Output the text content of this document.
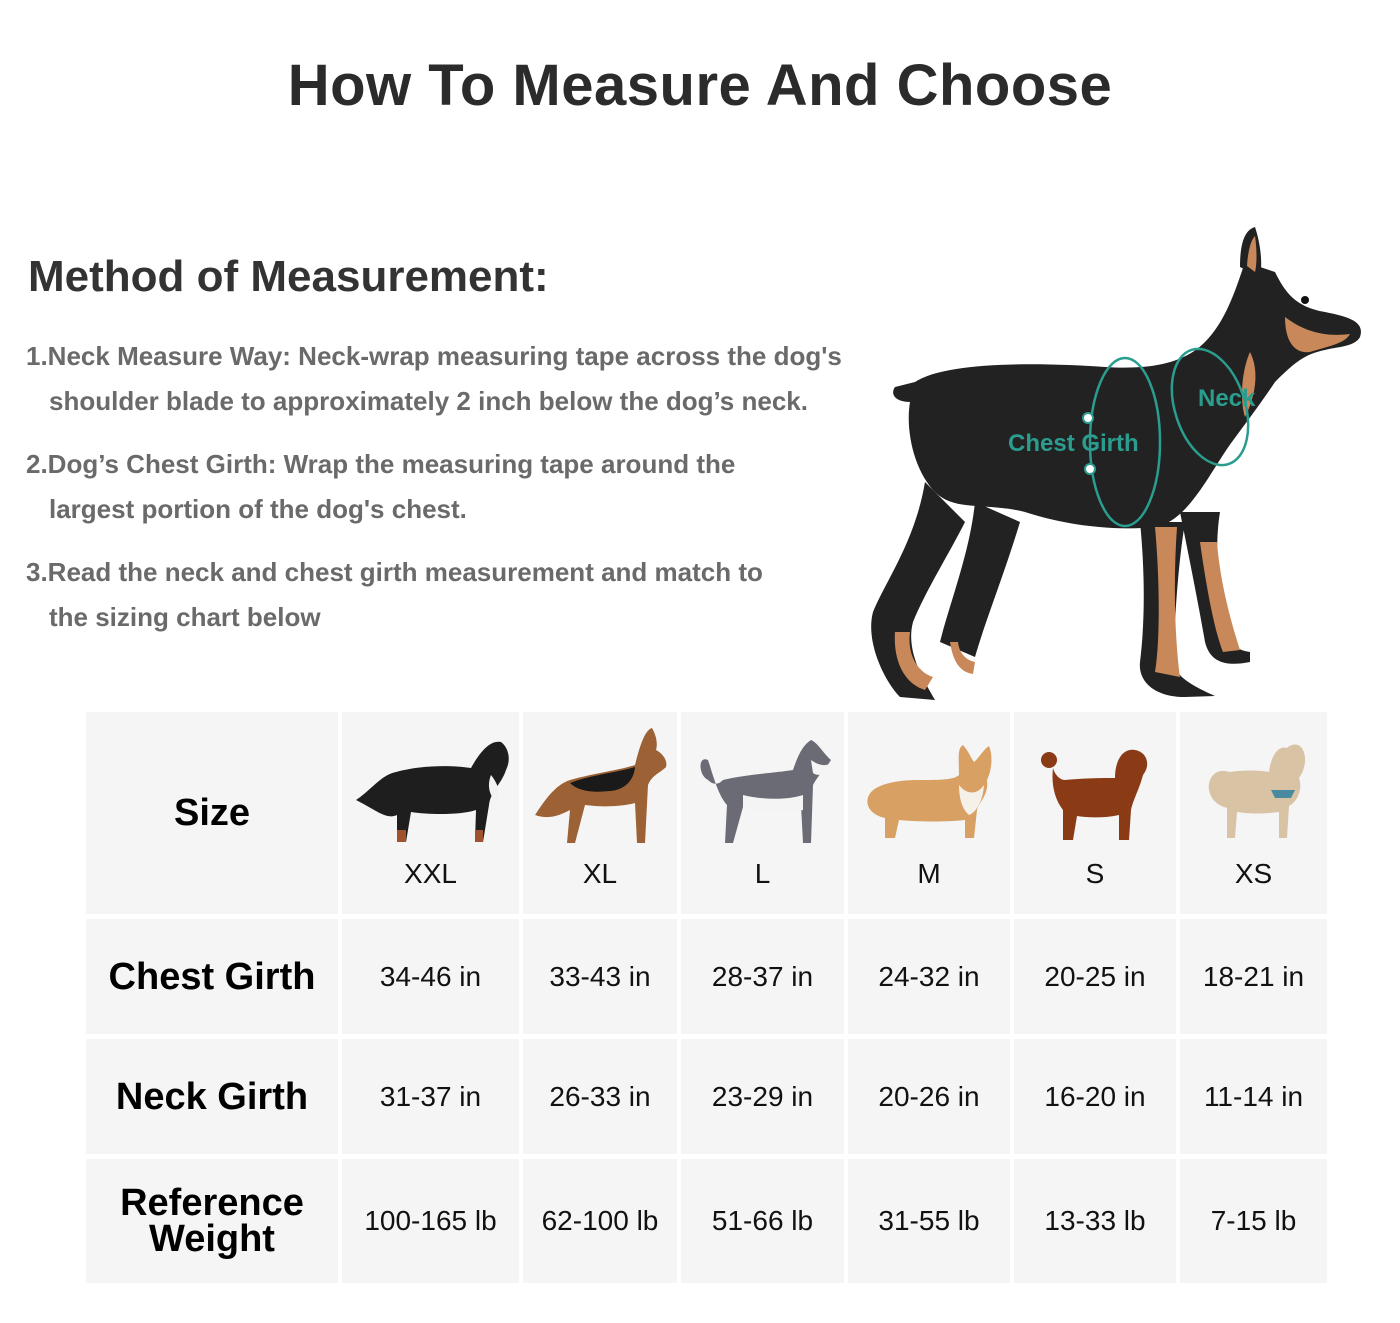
How To Measure And Choose
Method of Measurement:
1.Neck Measure Way: Neck-wrap measuring tape across the dog's
shoulder blade to approximately 2 inch below the dog’s neck.
2.Dog’s Chest Girth: Wrap the measuring tape around the
largest portion of the dog's chest.
3.Read the neck and chest girth measurement and match to
the sizing chart below
Neck
Chest Girth
Size
XXL	XL	L	M	S	XS
Chest Girth	34-46 in	33-43 in	28-37 in	24-32 in	20-25 in	18-21 in
Neck Girth	31-37 in	26-33 in	23-29 in	20-26 in	16-20 in	11-14 in
Reference
Weight	100-165 lb	62-100 lb	51-66 lb	31-55 lb	13-33 lb	7-15 lb
